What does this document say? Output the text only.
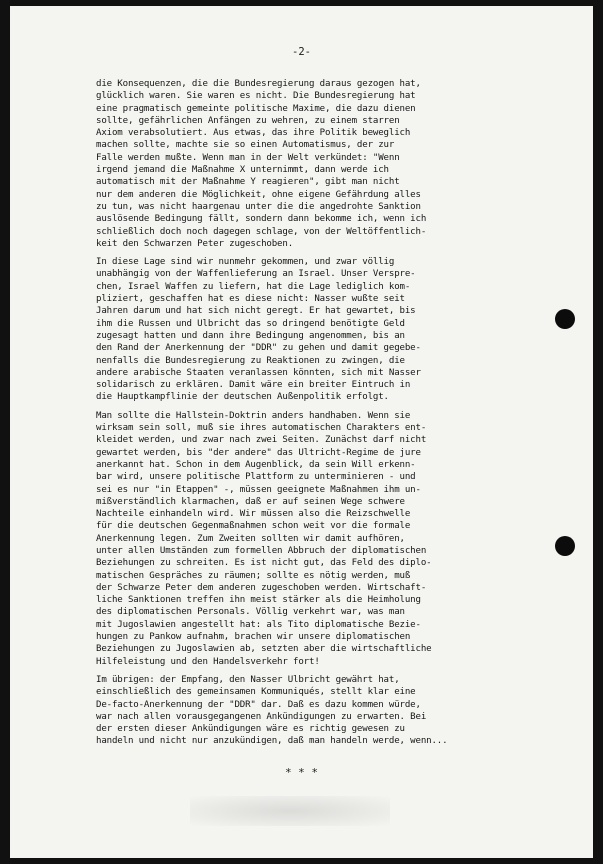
-2-

die Konsequenzen, die die Bundesregierung daraus gezogen hat,
glücklich waren. Sie waren es nicht. Die Bundesregierung hat
eine pragmatisch gemeinte politische Maxime, die dazu dienen
sollte, gefährlichen Anfängen zu wehren, zu einem starren
Axiom verabsolutiert. Aus etwas, das ihre Politik beweglich
machen sollte, machte sie so einen Automatismus, der zur
Falle werden mußte. Wenn man in der Welt verkündet: "Wenn
irgend jemand die Maßnahme X unternimmt, dann werde ich
automatisch mit der Maßnahme Y reagieren", gibt man nicht
nur dem anderen die Möglichkeit, ohne eigene Gefährdung alles
zu tun, was nicht haargenau unter die die angedrohte Sanktion
auslösende Bedingung fällt, sondern dann bekomme ich, wenn ich
schließlich doch noch dagegen schlage, von der Weltöffentlich-
keit den Schwarzen Peter zugeschoben.

In diese Lage sind wir nunmehr gekommen, und zwar völlig
unabhängig von der Waffenlieferung an Israel. Unser Verspre-
chen, Israel Waffen zu liefern, hat die Lage lediglich kom-
pliziert, geschaffen hat es diese nicht: Nasser wußte seit
Jahren darum und hat sich nicht geregt. Er hat gewartet, bis
ihm die Russen und Ulbricht das so dringend benötigte Geld
zugesagt hatten und dann ihre Bedingung angenommen, bis an
den Rand der Anerkennung der "DDR" zu gehen und damit gegebe-
nenfalls die Bundesregierung zu Reaktionen zu zwingen, die
andere arabische Staaten veranlassen könnten, sich mit Nasser
solidarisch zu erklären. Damit wäre ein breiter Eintruch in
die Hauptkampflinie der deutschen Außenpolitik erfolgt.

Man sollte die Hallstein-Doktrin anders handhaben. Wenn sie
wirksam sein soll, muß sie ihres automatischen Charakters ent-
kleidet werden, und zwar nach zwei Seiten. Zunächst darf nicht
gewartet werden, bis "der andere" das Ultricht-Regime de jure
anerkannt hat. Schon in dem Augenblick, da sein Will erkenn-
bar wird, unsere politische Plattform zu unterminieren - und
sei es nur "in Etappen" -, müssen geeignete Maßnahmen ihm un-
mißverständlich klarmachen, daß er auf seinen Wege schwere
Nachteile einhandeln wird. Wir müssen also die Reizschwelle
für die deutschen Gegenmaßnahmen schon weit vor die formale
Anerkennung legen. Zum Zweiten sollten wir damit aufhören,
unter allen Umständen zum formellen Abbruch der diplomatischen
Beziehungen zu schreiten. Es ist nicht gut, das Feld des diplo-
matischen Gespräches zu räumen; sollte es nötig werden, muß
der Schwarze Peter dem anderen zugeschoben werden. Wirtschaft-
liche Sanktionen treffen ihn meist stärker als die Heimholung
des diplomatischen Personals. Völlig verkehrt war, was man
mit Jugoslawien angestellt hat: als Tito diplomatische Bezie-
hungen zu Pankow aufnahm, brachen wir unsere diplomatischen
Beziehungen zu Jugoslawien ab, setzten aber die wirtschaftliche
Hilfeleistung und den Handelsverkehr fort!

Im übrigen: der Empfang, den Nasser Ulbricht gewährt hat,
einschließlich des gemeinsamen Kommuniqués, stellt klar eine
De-facto-Anerkennung der "DDR" dar. Daß es dazu kommen würde,
war nach allen vorausgegangenen Ankündigungen zu erwarten. Bei
der ersten dieser Ankündigungen wäre es richtig gewesen zu
handeln und nicht nur anzukündigen, daß man handeln werde, wenn...

* * *
